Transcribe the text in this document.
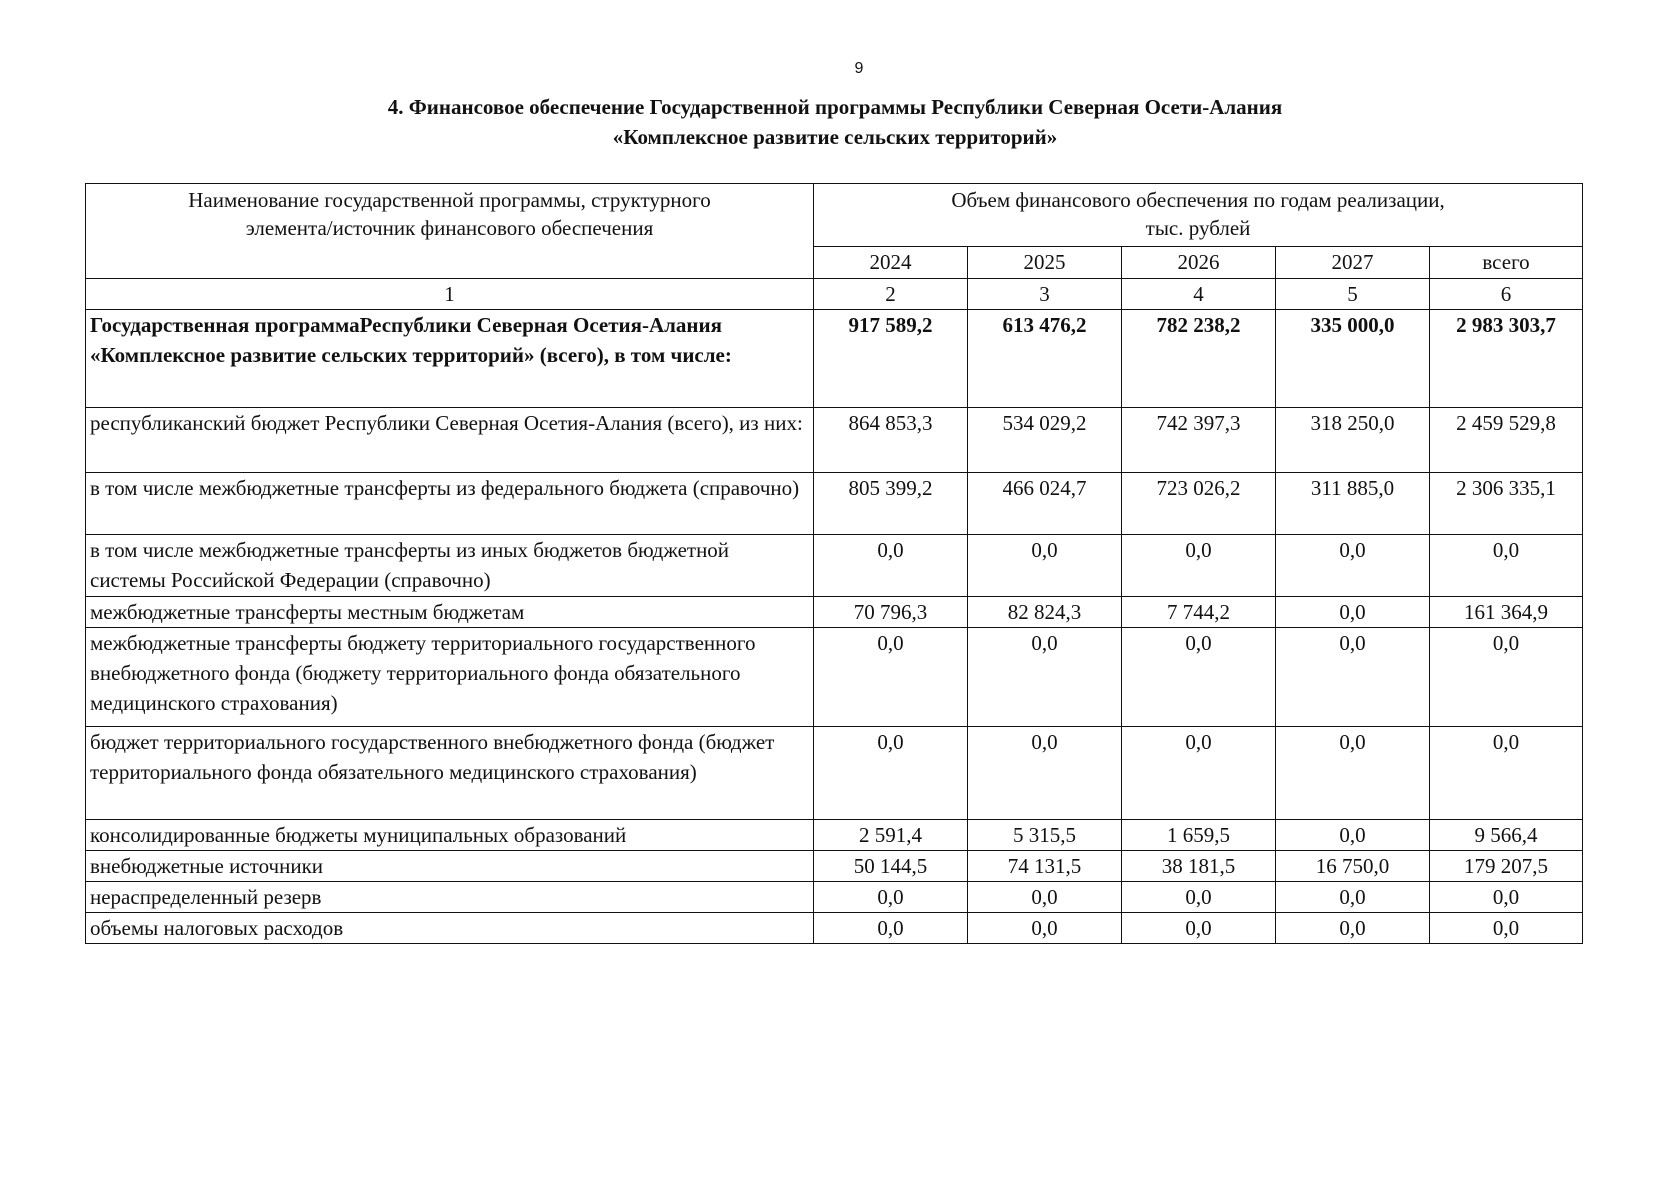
9
4. Финансовое обеспечение Государственной программы Республики Северная Осети-Алания
«Комплексное развитие сельских территорий»
Наименование государственной программы, структурного элемента/источник финансового обеспечения	Объем финансового обеспечения по годам реализации,
тыс. рублей				

	2024	2025	2026	2027	всего
1	2	3	4	5	6
Государственная программаРеспублики Северная Осетия-Алания «Комплексное развитие сельских территорий» (всего), в том числе:	917 589,2	613 476,2	782 238,2	335 000,0	2 983 303,7
республиканский бюджет Республики Северная Осетия-Алания (всего), из них:	864 853,3	534 029,2	742 397,3	318 250,0	2 459 529,8
в том числе межбюджетные трансферты из федерального бюджета (справочно)	805 399,2	466 024,7	723 026,2	311 885,0	2 306 335,1
в том числе межбюджетные трансферты из иных бюджетов бюджетной системы Российской Федерации (справочно)	0,0	0,0	0,0	0,0	0,0
межбюджетные трансферты местным бюджетам	70 796,3	82 824,3	7 744,2	0,0	161 364,9
межбюджетные трансферты бюджету территориального государственного внебюджетного фонда (бюджету территориального фонда обязательного медицинского страхования)	0,0	0,0	0,0	0,0	0,0
бюджет территориального государственного внебюджетного фонда (бюджет территориального фонда обязательного медицинского страхования)	0,0	0,0	0,0	0,0	0,0
консолидированные бюджеты муниципальных образований	2 591,4	5 315,5	1 659,5	0,0	9 566,4
внебюджетные источники	50 144,5	74 131,5	38 181,5	16 750,0	179 207,5
нераспределенный резерв	0,0	0,0	0,0	0,0	0,0
объемы налоговых расходов	0,0	0,0	0,0	0,0	0,0
